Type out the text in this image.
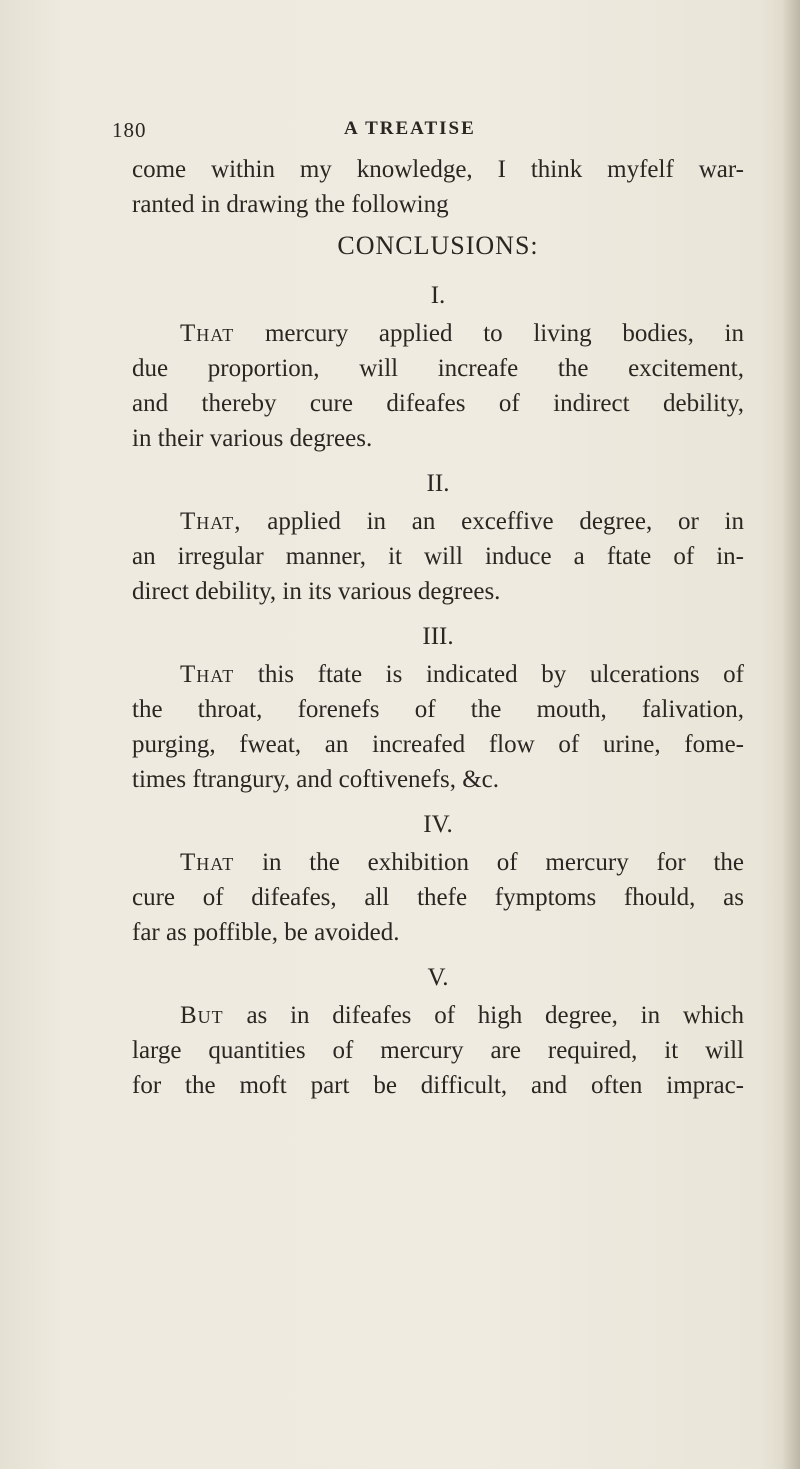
180	A TREATISE
come within my knowledge, I think myfelf war-
ranted in drawing the following
CONCLUSIONS:
I.
That mercury applied to living bodies, in
due proportion, will increafe the excitement,
and thereby cure difeafes of indirect debility,
in their various degrees.
II.
That, applied in an exceffive degree, or in
an irregular manner, it will induce a ftate of in-
direct debility, in its various degrees.
III.
That this ftate is indicated by ulcerations of
the throat, forenefs of the mouth, falivation,
purging, fweat, an increafed flow of urine, fome-
times ftrangury, and coftivenefs, &c.
IV.
That in the exhibition of mercury for the
cure of difeafes, all thefe fymptoms fhould, as
far as poffible, be avoided.
V.
But as in difeafes of high degree, in which
large quantities of mercury are required, it will
for the moft part be difficult, and often imprac-
